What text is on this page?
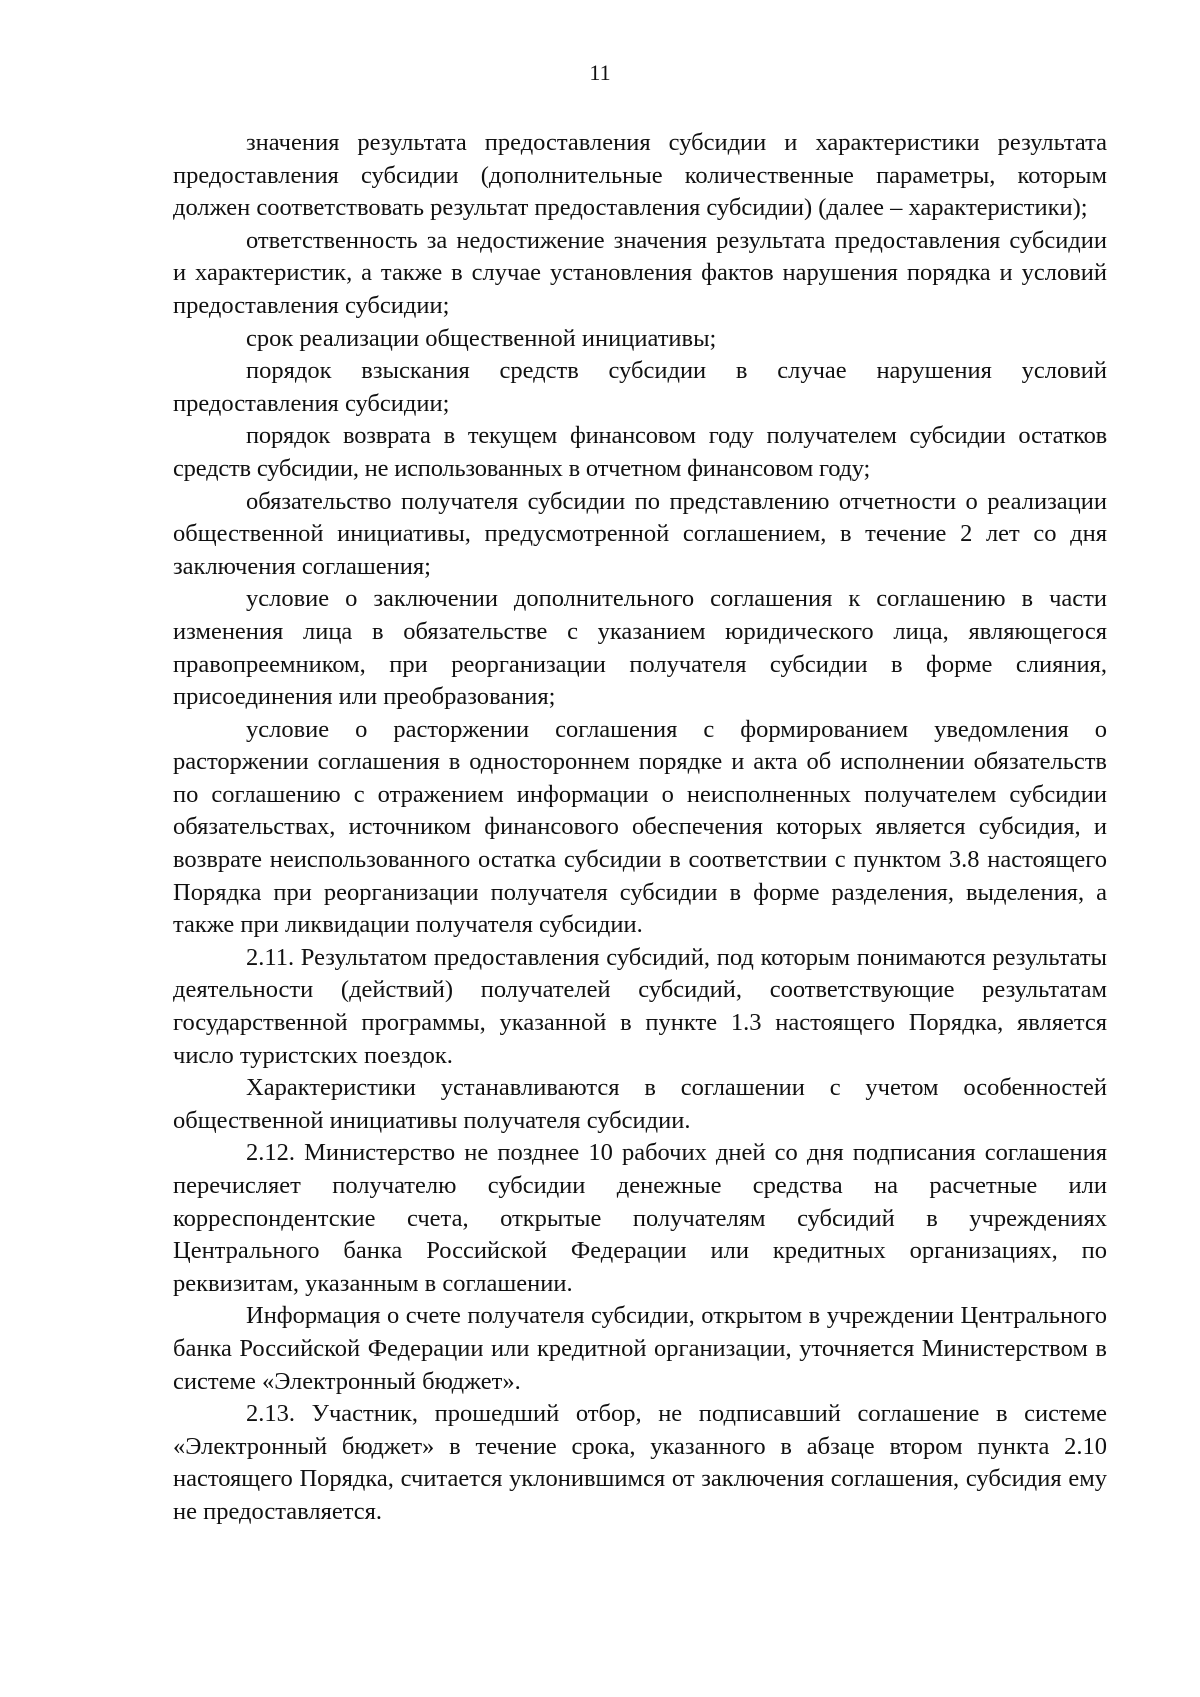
11

значения результата предоставления субсидии и характеристики результата предоставления субсидии (дополнительные количественные параметры, которым должен соответствовать результат предоставления субсидии) (далее – характеристики);

ответственность за недостижение значения результата предоставления субсидии и характеристик, а также в случае установления фактов нарушения порядка и условий предоставления субсидии;

срок реализации общественной инициативы;

порядок взыскания средств субсидии в случае нарушения условий предоставления субсидии;

порядок возврата в текущем финансовом году получателем субсидии остатков средств субсидии, не использованных в отчетном финансовом году;

обязательство получателя субсидии по представлению отчетности о реализации общественной инициативы, предусмотренной соглашением, в течение 2 лет со дня заключения соглашения;

условие о заключении дополнительного соглашения к соглашению в части изменения лица в обязательстве с указанием юридического лица, являющегося правопреемником, при реорганизации получателя субсидии в форме слияния, присоединения или преобразования;

условие о расторжении соглашения с формированием уведомления о расторжении соглашения в одностороннем порядке и акта об исполнении обязательств по соглашению с отражением информации о неисполненных получателем субсидии обязательствах, источником финансового обеспечения которых является субсидия, и возврате неиспользованного остатка субсидии в соответствии с пунктом 3.8 настоящего Порядка при реорганизации получателя субсидии в форме разделения, выделения, а также при ликвидации получателя субсидии.

2.11. Результатом предоставления субсидий, под которым понимаются результаты деятельности (действий) получателей субсидий, соответствующие результатам государственной программы, указанной в пункте 1.3 настоящего Порядка, является число туристских поездок.

Характеристики устанавливаются в соглашении с учетом особенностей общественной инициативы получателя субсидии.

2.12. Министерство не позднее 10 рабочих дней со дня подписания соглашения перечисляет получателю субсидии денежные средства на расчетные или корреспондентские счета, открытые получателям субсидий в учреждениях Центрального банка Российской Федерации или кредитных организациях, по реквизитам, указанным в соглашении.

Информация о счете получателя субсидии, открытом в учреждении Центрального банка Российской Федерации или кредитной организации, уточняется Министерством в системе «Электронный бюджет».

2.13. Участник, прошедший отбор, не подписавший соглашение в системе «Электронный бюджет» в течение срока, указанного в абзаце втором пункта 2.10 настоящего Порядка, считается уклонившимся от заключения соглашения, субсидия ему не предоставляется.
